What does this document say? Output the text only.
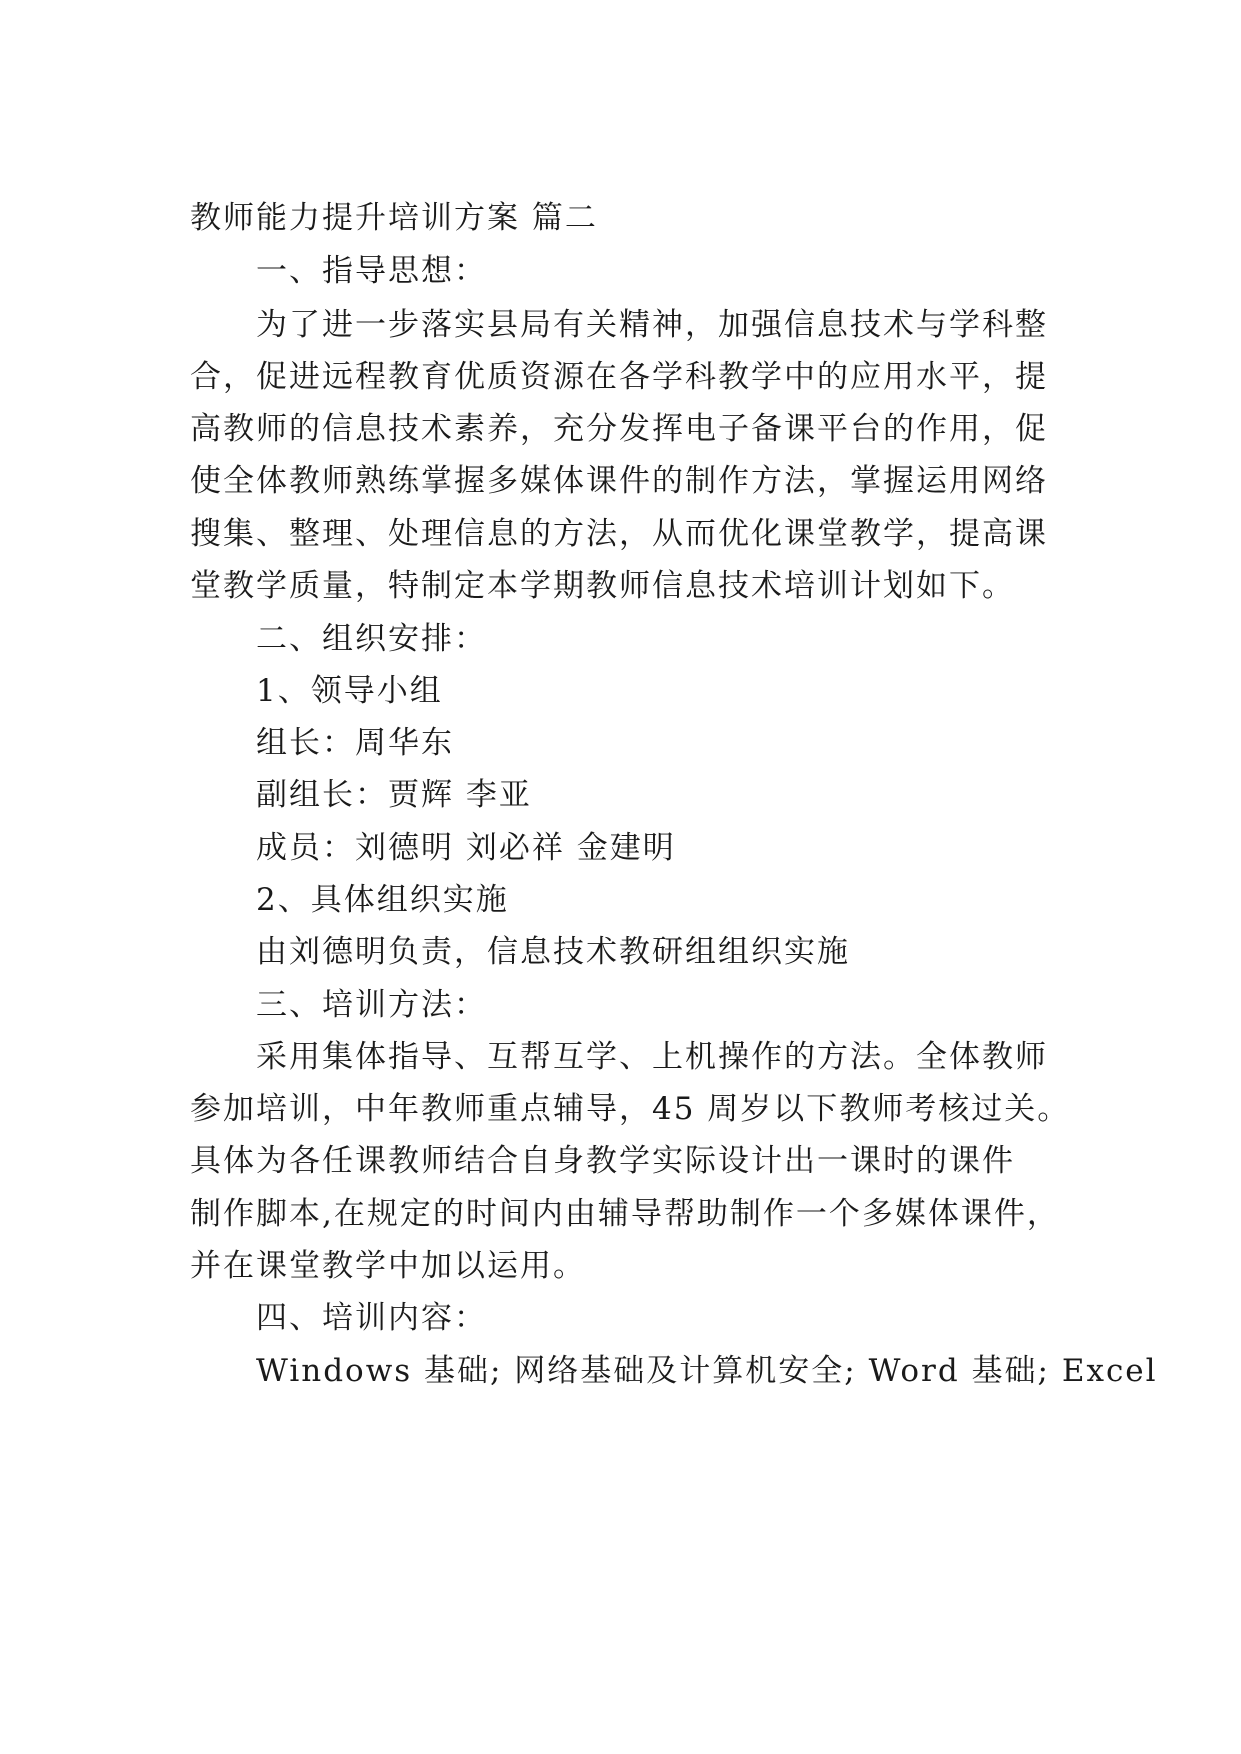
教师能力提升培训方案 篇二
一、指导思想：
为了进一步落实县局有关精神，加强信息技术与学科整
合，促进远程教育优质资源在各学科教学中的应用水平，提
高教师的信息技术素养，充分发挥电子备课平台的作用，促
使全体教师熟练掌握多媒体课件的制作方法，掌握运用网络
搜集、整理、处理信息的方法，从而优化课堂教学，提高课
堂教学质量，特制定本学期教师信息技术培训计划如下。
二、组织安排：
1、领导小组
组长：周华东
副组长：贾辉 李亚
成员：刘德明 刘必祥 金建明
2、具体组织实施
由刘德明负责，信息技术教研组组织实施
三、培训方法：
采用集体指导、互帮互学、上机操作的方法。全体教师
参加培训，中年教师重点辅导，45 周岁以下教师考核过关。
具体为各任课教师结合自身教学实际设计出一课时的课件
制作脚本,在规定的时间内由辅导帮助制作一个多媒体课件，
并在课堂教学中加以运用。
四、培训内容：
Windows 基础; 网络基础及计算机安全; Word 基础; Excel
